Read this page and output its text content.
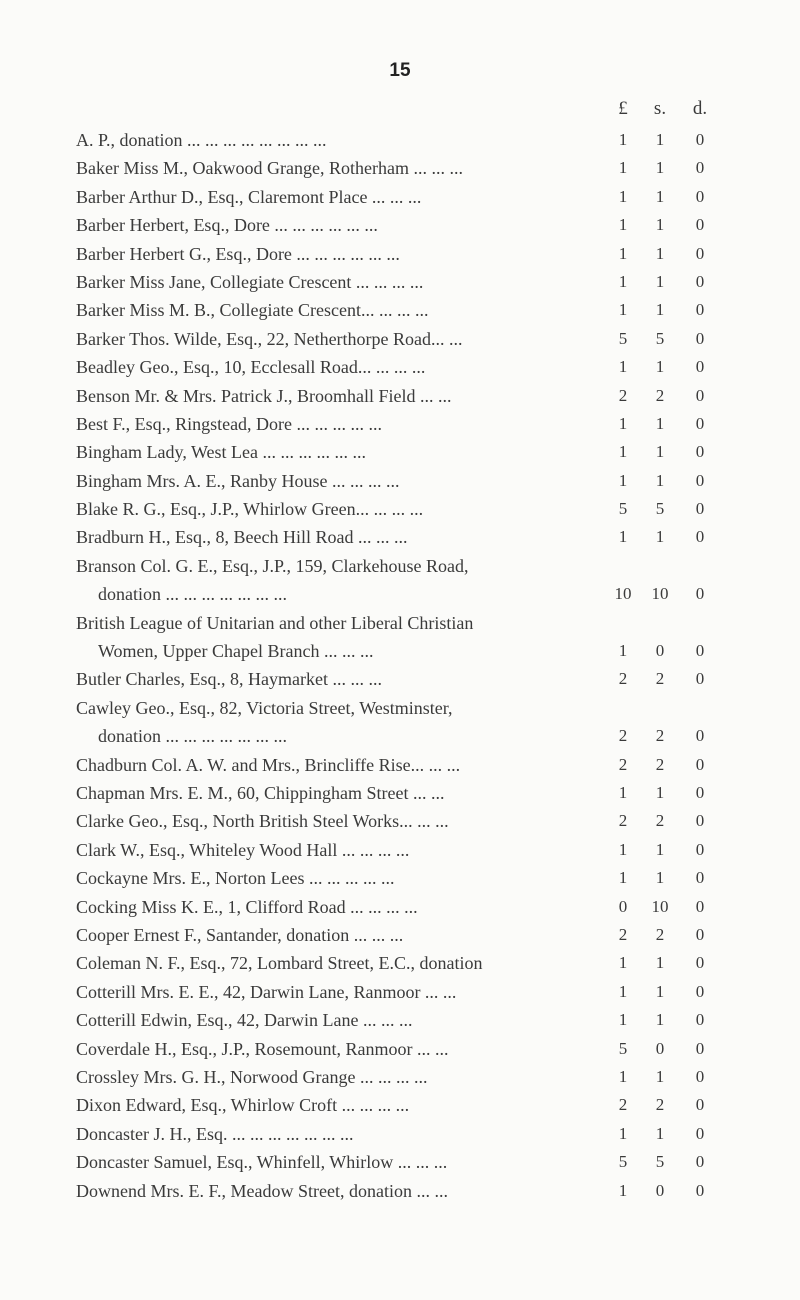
15
£	s.	d.
A. P., donation ... ... ... ... ... ... ... ...	1	1	0
Baker Miss M., Oakwood Grange, Rotherham ... ... ...	1	1	0
Barber Arthur D., Esq., Claremont Place ... ... ...	1	1	0
Barber Herbert, Esq., Dore ... ... ... ... ... ...	1	1	0
Barber Herbert G., Esq., Dore ... ... ... ... ... ...	1	1	0
Barker Miss Jane, Collegiate Crescent ... ... ... ...	1	1	0
Barker Miss M. B., Collegiate Crescent... ... ... ...	1	1	0
Barker Thos. Wilde, Esq., 22, Netherthorpe Road... ...	5	5	0
Beadley Geo., Esq., 10, Ecclesall Road... ... ... ...	1	1	0
Benson Mr. & Mrs. Patrick J., Broomhall Field ... ...	2	2	0
Best F., Esq., Ringstead, Dore ... ... ... ... ...	1	1	0
Bingham Lady, West Lea ... ... ... ... ... ...	1	1	0
Bingham Mrs. A. E., Ranby House ... ... ... ...	1	1	0
Blake R. G., Esq., J.P., Whirlow Green... ... ... ...	5	5	0
Bradburn H., Esq., 8, Beech Hill Road ... ... ...	1	1	0
Branson Col. G. E., Esq., J.P., 159, Clarkehouse Road,
donation ... ... ... ... ... ... ...	10	10	0
British League of Unitarian and other Liberal Christian
Women, Upper Chapel Branch ... ... ...	1	0	0
Butler Charles, Esq., 8, Haymarket ... ... ...	2	2	0
Cawley Geo., Esq., 82, Victoria Street, Westminster,
donation ... ... ... ... ... ... ...	2	2	0
Chadburn Col. A. W. and Mrs., Brincliffe Rise... ... ...	2	2	0
Chapman Mrs. E. M., 60, Chippingham Street ... ...	1	1	0
Clarke Geo., Esq., North British Steel Works... ... ...	2	2	0
Clark W., Esq., Whiteley Wood Hall ... ... ... ...	1	1	0
Cockayne Mrs. E., Norton Lees ... ... ... ... ...	1	1	0
Cocking Miss K. E., 1, Clifford Road ... ... ... ...	0	10	0
Cooper Ernest F., Santander, donation ... ... ...	2	2	0
Coleman N. F., Esq., 72, Lombard Street, E.C., donation	1	1	0
Cotterill Mrs. E. E., 42, Darwin Lane, Ranmoor ... ...	1	1	0
Cotterill Edwin, Esq., 42, Darwin Lane ... ... ...	1	1	0
Coverdale H., Esq., J.P., Rosemount, Ranmoor ... ...	5	0	0
Crossley Mrs. G. H., Norwood Grange ... ... ... ...	1	1	0
Dixon Edward, Esq., Whirlow Croft ... ... ... ...	2	2	0
Doncaster J. H., Esq. ... ... ... ... ... ... ...	1	1	0
Doncaster Samuel, Esq., Whinfell, Whirlow ... ... ...	5	5	0
Downend Mrs. E. F., Meadow Street, donation ... ...	1	0	0
